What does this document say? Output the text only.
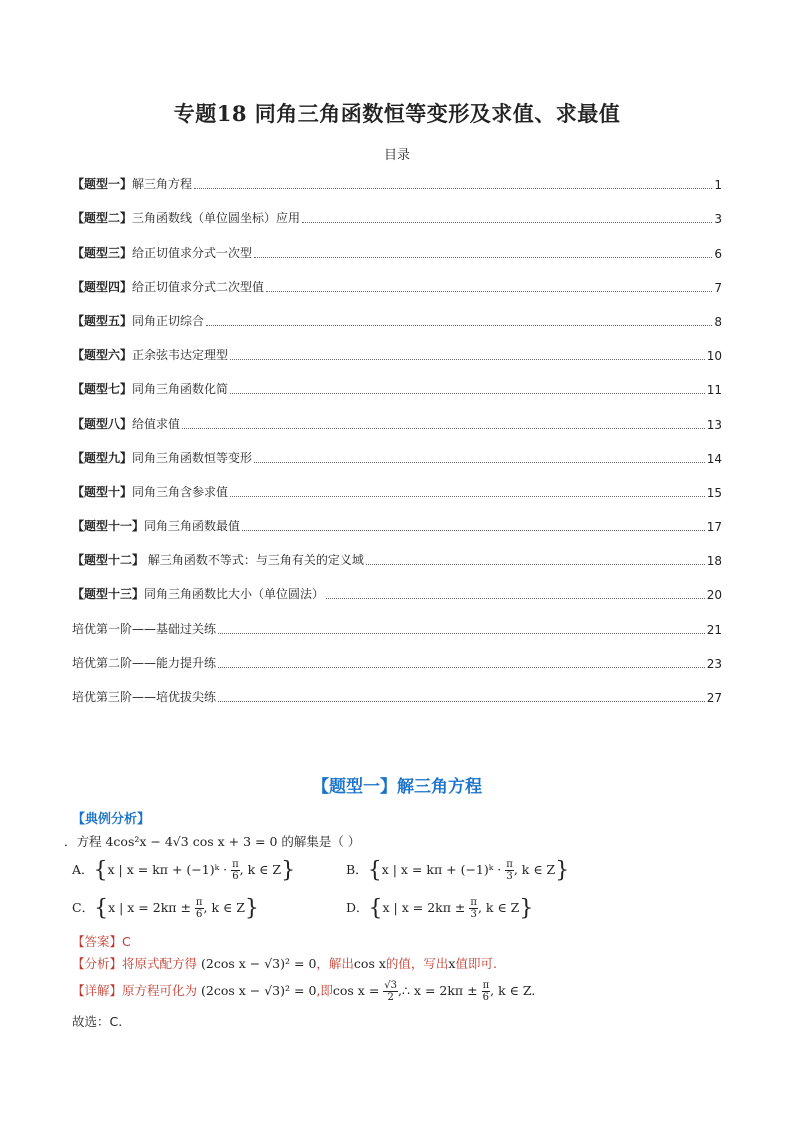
专题18 同角三角函数恒等变形及求值、求最值
目录
【题型一】解三角方程	1
【题型二】三角函数线（单位圆坐标）应用	3
【题型三】给正切值求分式一次型	6
【题型四】给正切值求分式二次型值	7
【题型五】同角正切综合	8
【题型六】正余弦韦达定理型	10
【题型七】同角三角函数化简	11
【题型八】给值求值	13
【题型九】同角三角函数恒等变形	14
【题型十】同角三角含参求值	15
【题型十一】同角三角函数最值	17
【题型十二】 解三角函数不等式：与三角有关的定义域	18
【题型十三】同角三角函数比大小（单位圆法）	20
培优第一阶——基础过关练	21
培优第二阶——能力提升练	23
培优第三阶——培优拔尖练	27
【题型一】解三角方程
【典例分析】
．方程 4cos²x − 4√3 cos x + 3 = 0 的解集是（ ）
A．{x | x = kπ + (−1)ᵏ · $\frac{\pi}{6}$ , k ∈ Z}	B．{x | x = kπ + (−1)ᵏ · $\frac{\pi}{3}$ , k ∈ Z}
C．{x | $x = 2k\pi \pm \frac{\pi}{6}$ , k ∈ Z}	D．{x | $x = 2k\pi \pm \frac{\pi}{3}$ , k ∈ Z}
【答案】C
【分析】将原式配方得 (2cos x − √3)² = 0，解出cos x的值，写出x值即可.
【详解】原方程可化为 (2cos x − √3)² = 0,即$\cos x = \frac{√3}{2}$ ,∴ $x = 2k\pi \pm \frac{\pi}{6}$ , k ∈ Z.
故选：C.
